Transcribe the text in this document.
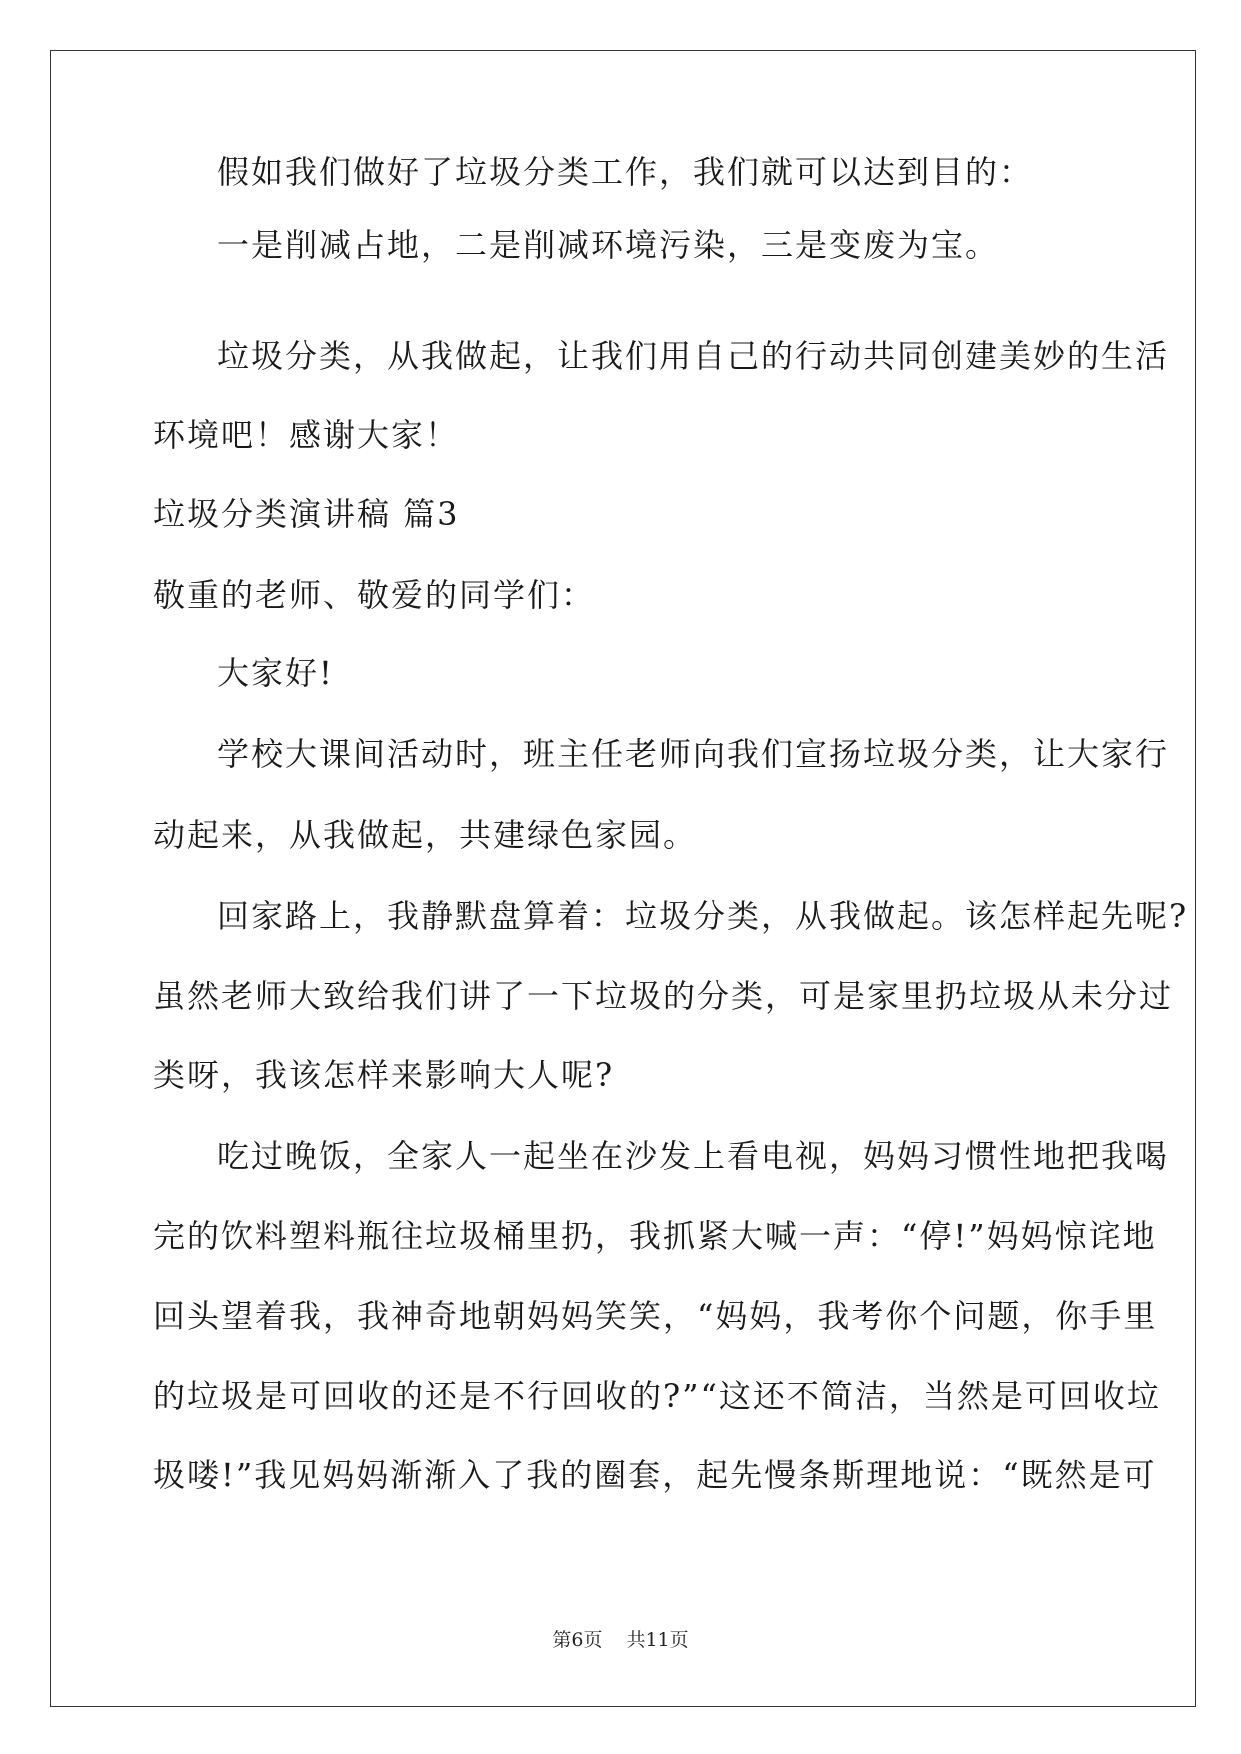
假如我们做好了垃圾分类工作，我们就可以达到目的：
一是削减占地，二是削减环境污染，三是变废为宝。
垃圾分类，从我做起，让我们用自己的行动共同创建美妙的生活
环境吧！感谢大家！
垃圾分类演讲稿 篇3
敬重的老师、敬爱的同学们：
大家好!
学校大课间活动时，班主任老师向我们宣扬垃圾分类，让大家行
动起来，从我做起，共建绿色家园。
回家路上，我静默盘算着：垃圾分类，从我做起。该怎样起先呢?
虽然老师大致给我们讲了一下垃圾的分类，可是家里扔垃圾从未分过
类呀，我该怎样来影响大人呢?
吃过晚饭，全家人一起坐在沙发上看电视，妈妈习惯性地把我喝
完的饮料塑料瓶往垃圾桶里扔，我抓紧大喊一声：“停!”妈妈惊诧地
回头望着我，我神奇地朝妈妈笑笑，“妈妈，我考你个问题，你手里
的垃圾是可回收的还是不行回收的?”“这还不简洁，当然是可回收垃
圾喽!”我见妈妈渐渐入了我的圈套，起先慢条斯理地说：“既然是可
第6页 共11页
